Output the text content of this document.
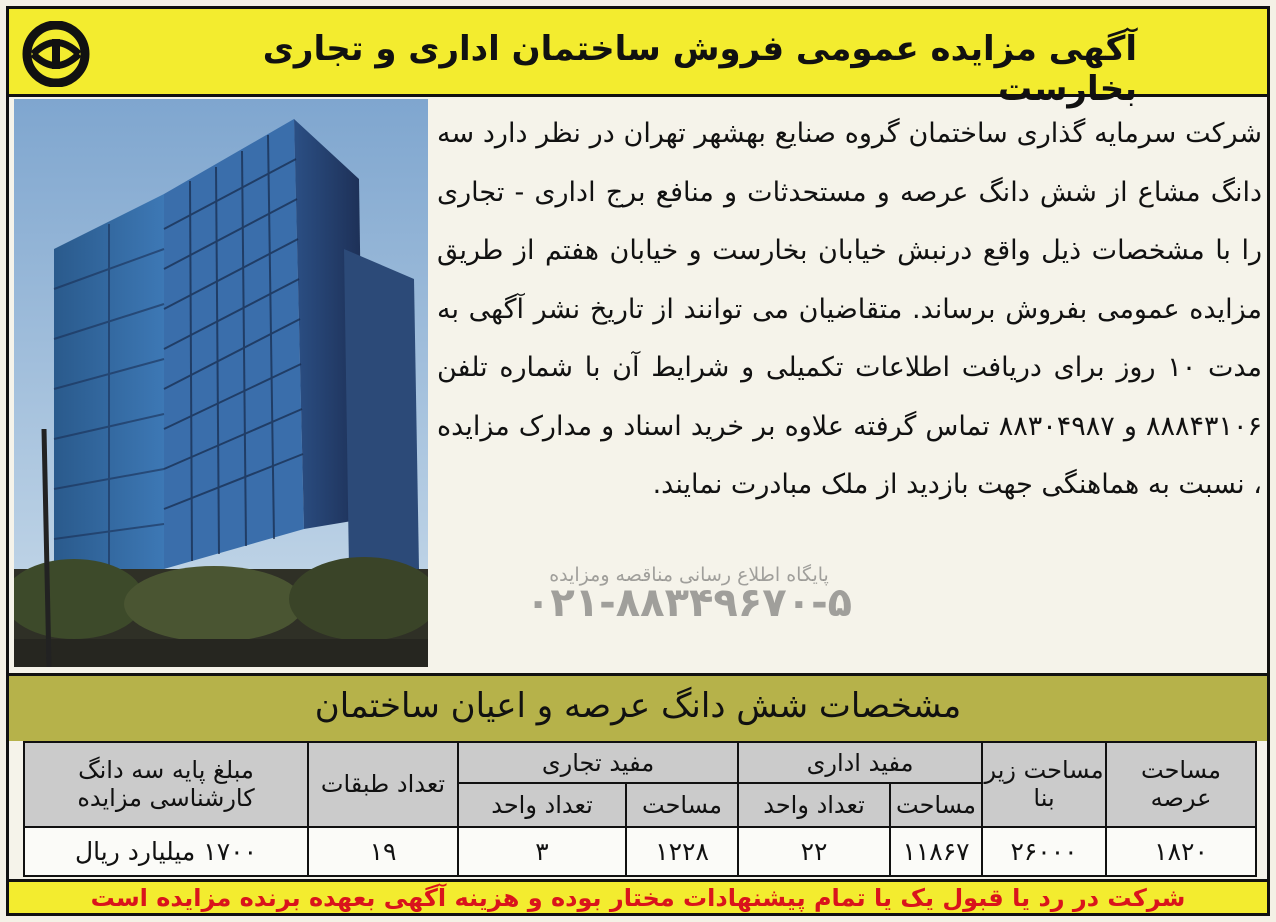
آگهی مزایده عمومی فروش ساختمان اداری و تجاری بخارست
شرکت سرمایه گذاری ساختمان گروه صنایع بهشهر تهران در نظر دارد سه دانگ مشاع از شش دانگ عرصه و مستحدثات و منافع برج اداری - تجاری را با مشخصات ذیل واقع درنبش خیابان بخارست و خیابان هفتم از طریق مزایده عمومی بفروش برساند. متقاضیان می توانند از تاریخ نشر آگهی به مدت ۱۰ روز برای دریافت اطلاعات تکمیلی و شرایط آن با شماره تلفن ۸۸۸۴۳۱۰۶ و ۸۸۳۰۴۹۸۷ تماس گرفته علاوه بر خرید اسناد و مدارک مزایده ، نسبت به هماهنگی جهت بازدید از ملک مبادرت نمایند.
پایگاه اطلاع رسانی مناقصه ومزایده
۰۲۱-۸۸۳۴۹۶۷۰-۵
مشخصات شش دانگ عرصه و اعیان ساختمان
مساحت عرصه	مساحت زیر بنا	مفید اداری		مفید تجاری		تعداد طبقات	مبلغ پایه سه دانگ کارشناسی مزایده
		مساحت	تعداد واحد	مساحت	تعداد واحد		
۱۸۲۰	۲۶۰۰۰	۱۱۸۶۷	۲۲	۱۲۲۸	۳	۱۹	۱۷۰۰ میلیارد ریال
شرکت در رد یا قبول یک یا تمام پیشنهادات مختار بوده و هزینه آگهی بعهده برنده مزایده است
